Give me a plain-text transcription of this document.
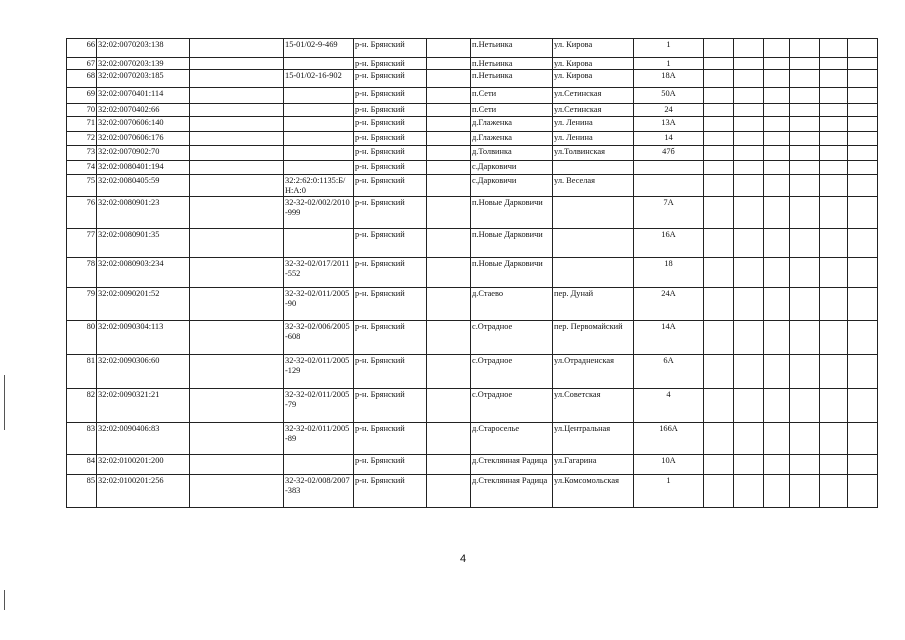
66	32:02:0070203:138		15-01/02-9-469	р-н. Брянский		п.Нетьинка	ул. Кирова	1						
67	32:02:0070203:139			р-н. Брянский		п.Нетьинка	ул. Кирова	1						
68	32:02:0070203:185		15-01/02-16-902	р-н. Брянский		п.Нетьинка	ул. Кирова	18А						
69	32:02:0070401:114			р-н. Брянский		п.Сети	ул.Сетинская	50А						
70	32:02:0070402:66			р-н. Брянский		п.Сети	ул.Сетинская	24						
71	32:02:0070606:140			р-н. Брянский		д.Глаженка	ул. Ленина	13А						
72	32:02:0070606:176			р-н. Брянский		д.Глаженка	ул. Ленина	14						
73	32:02:0070902:70			р-н. Брянский		д.Толвинка	ул.Толвинская	47б						
74	32:02:0080401:194			р-н. Брянский		с.Дарковичи								
75	32:02:0080405:59		32:2:62:0:1135:Б/Н:А:0	р-н. Брянский		с.Дарковичи	ул. Веселая							
76	32:02:0080901:23		32-32-02/002/2010-999	р-н. Брянский		п.Новые Дарковичи		7А						
77	32:02:0080901:35			р-н. Брянский		п.Новые Дарковичи		16А						
78	32:02:0080903:234		32-32-02/017/2011-552	р-н. Брянский		п.Новые Дарковичи		18						
79	32:02:0090201:52		32-32-02/011/2005-90	р-н. Брянский		д.Стаево	пер. Дунай	24А						
80	32:02:0090304:113		32-32-02/006/2005-608	р-н. Брянский		с.Отрадное	пер. Первомайский	14А						
81	32:02:0090306:60		32-32-02/011/2005-129	р-н. Брянский		с.Отрадное	ул.Отрадненская	6А						
82	32:02:0090321:21		32-32-02/011/2005-79	р-н. Брянский		с.Отрадное	ул.Советская	4						
83	32:02:0090406:83		32-32-02/011/2005-89	р-н. Брянский		д.Староселье	ул.Центральная	166А						
84	32:02:0100201:200			р-н. Брянский		д.Стеклянная Радица	ул.Гагарина	10А						
85	32:02:0100201:256		32-32-02/008/2007-383	р-н. Брянский		д.Стеклянная Радица	ул.Комсомольская	1						
4
